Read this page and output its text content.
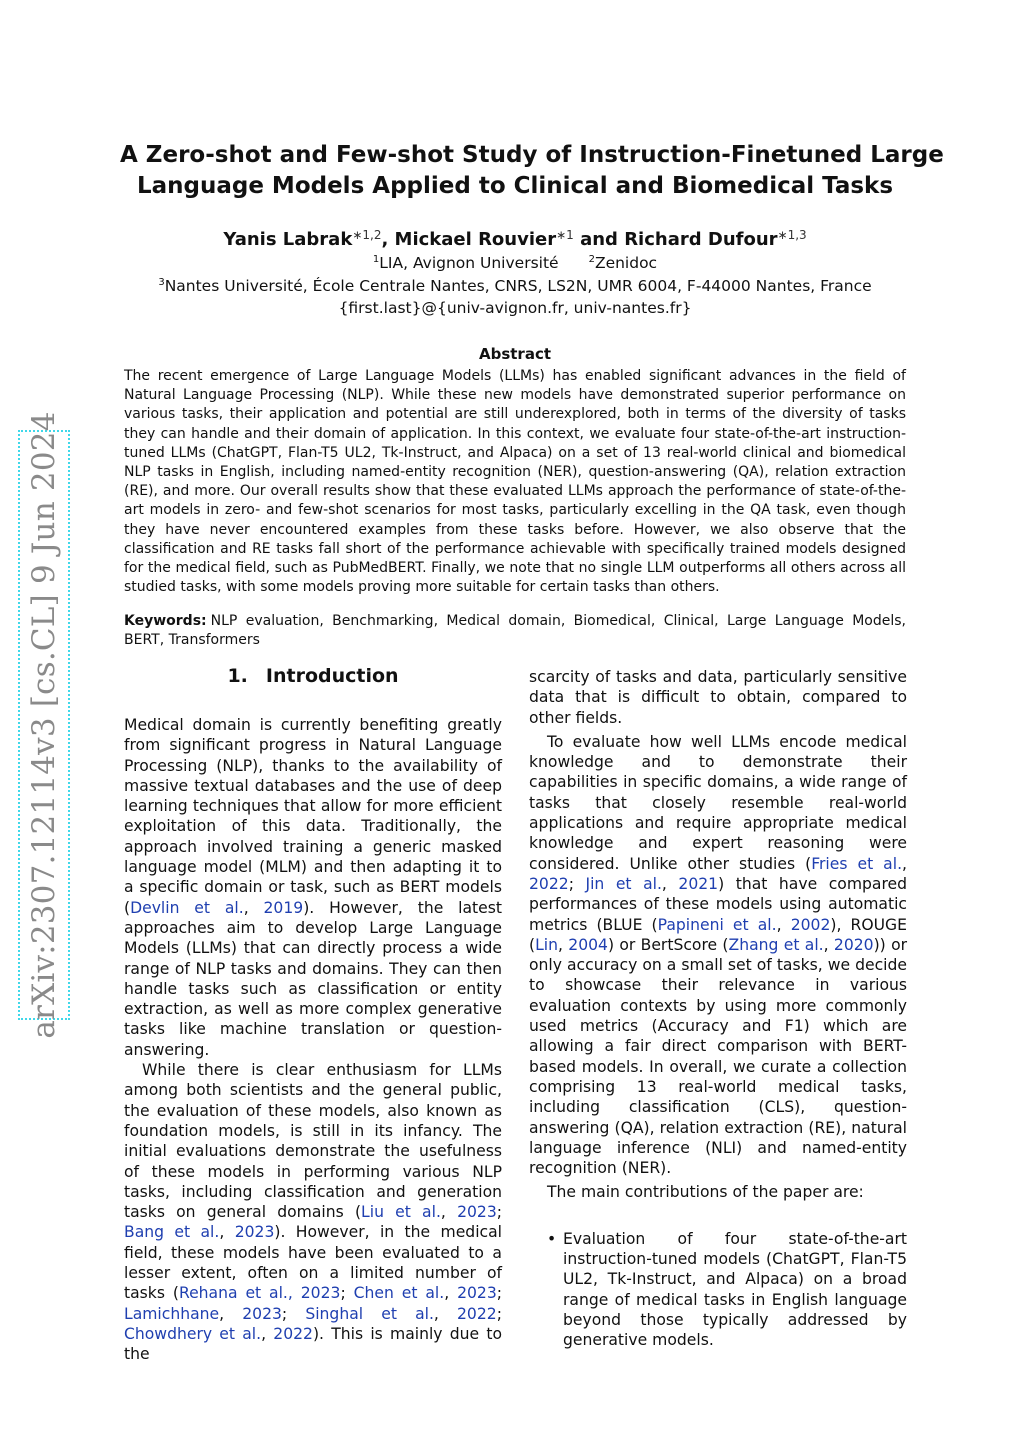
arXiv:2307.12114v3 [cs.CL] 9 Jun 2024
A Zero-shot and Few-shot Study of Instruction-Finetuned Large
Language Models Applied to Clinical and Biomedical Tasks
Yanis Labrak$^{∗1,2}$, Mickael Rouvier$^{∗1}$ and Richard Dufour$^{∗1,3}$
$^1$LIA, Avignon Université	$^2$Zenidoc
$^3$Nantes Université, École Centrale Nantes, CNRS, LS2N, UMR 6004, F-44000 Nantes, France
{first.last}@{univ-avignon.fr, univ-nantes.fr}
Abstract

The recent emergence of Large Language Models (LLMs) has enabled significant advances in the field of Natural Language Processing (NLP). While these new models have demonstrated superior performance on various tasks, their application and potential are still underexplored, both in terms of the diversity of tasks they can handle and their domain of application. In this context, we evaluate four state-of-the-art instruction-tuned LLMs (ChatGPT, Flan-T5 UL2, Tk-Instruct, and Alpaca) on a set of 13 real-world clinical and biomedical NLP tasks in English, including named-entity recognition (NER), question-answering (QA), relation extraction (RE), and more. Our overall results show that these evaluated LLMs approach the performance of state-of-the-art models in zero- and few-shot scenarios for most tasks, particularly excelling in the QA task, even though they have never encountered examples from these tasks before. However, we also observe that the classification and RE tasks fall short of the performance achievable with specifically trained models designed for the medical field, such as PubMedBERT. Finally, we note that no single LLM outperforms all others across all studied tasks, with some models proving more suitable for certain tasks than others.

Keywords: NLP evaluation, Benchmarking, Medical domain, Biomedical, Clinical, Large Language Models, BERT, Transformers

1. Introduction

Medical domain is currently benefiting greatly from significant progress in Natural Language Processing (NLP), thanks to the availability of massive textual databases and the use of deep learning techniques that allow for more efficient exploitation of this data. Traditionally, the approach involved training a generic masked language model (MLM) and then adapting it to a specific domain or task, such as BERT models (Devlin et al., 2019). However, the latest approaches aim to develop Large Language Models (LLMs) that can directly process a wide range of NLP tasks and domains. They can then handle tasks such as classification or entity extraction, as well as more complex generative tasks like machine translation or question-answering.

While there is clear enthusiasm for LLMs among both scientists and the general public, the evaluation of these models, also known as foundation models, is still in its infancy. The initial evaluations demonstrate the usefulness of these models in performing various NLP tasks, including classification and generation tasks on general domains (Liu et al., 2023; Bang et al., 2023). However, in the medical field, these models have been evaluated to a lesser extent, often on a limited number of tasks (Rehana et al., 2023; Chen et al., 2023; Lamichhane, 2023; Singhal et al., 2022; Chowdhery et al., 2022). This is mainly due to the

scarcity of tasks and data, particularly sensitive data that is difficult to obtain, compared to other fields.

To evaluate how well LLMs encode medical knowledge and to demonstrate their capabilities in specific domains, a wide range of tasks that closely resemble real-world applications and require appropriate medical knowledge and expert reasoning were considered. Unlike other studies (Fries et al., 2022; Jin et al., 2021) that have compared performances of these models using automatic metrics (BLUE (Papineni et al., 2002), ROUGE (Lin, 2004) or BertScore (Zhang et al., 2020)) or only accuracy on a small set of tasks, we decide to showcase their relevance in various evaluation contexts by using more commonly used metrics (Accuracy and F1) which are allowing a fair direct comparison with BERT-based models. In overall, we curate a collection comprising 13 real-world medical tasks, including classification (CLS), question-answering (QA), relation extraction (RE), natural language inference (NLI) and named-entity recognition (NER).

The main contributions of the paper are:

• Evaluation of four state-of-the-art instruction-tuned models (ChatGPT, Flan-T5 UL2, Tk-Instruct, and Alpaca) on a broad range of medical tasks in English language beyond those typically addressed by generative models.
